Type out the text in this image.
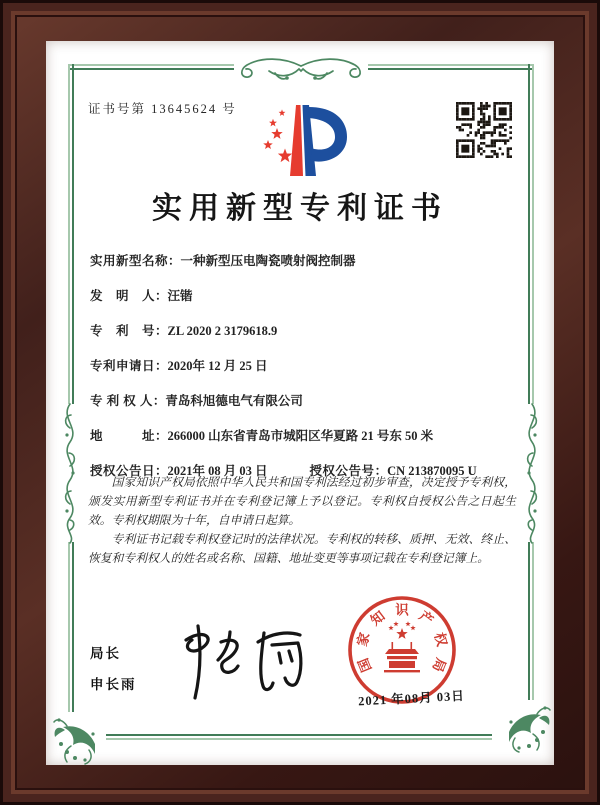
证书号第 13645624 号
实用新型专利证书
实用新型名称：一种新型压电陶瓷喷射阀控制器
发　明　人：汪锴
专　利　号：ZL 2020 2 3179618.9
专利申请日：2020年 12 月 25 日
专 利 权 人：青岛科旭德电气有限公司
地　　　址：266000 山东省青岛市城阳区华夏路 21 号东 50 米
授权公告日：2021年 08 月 03 日	授权公告号：CN 213870095 U

国家知识产权局依照中华人民共和国专利法经过初步审查，决定授予专利权，颁发实用新型专利证书并在专利登记簿上予以登记。专利权自授权公告之日起生效。专利权期限为十年，自申请日起算。

专利证书记载专利权登记时的法律状况。专利权的转移、质押、无效、终止、恢复和专利权人的姓名或名称、国籍、地址变更等事项记载在专利登记簿上。

局长
申长雨
国
家
知 识 产
权
局
2021 年08月 03日
